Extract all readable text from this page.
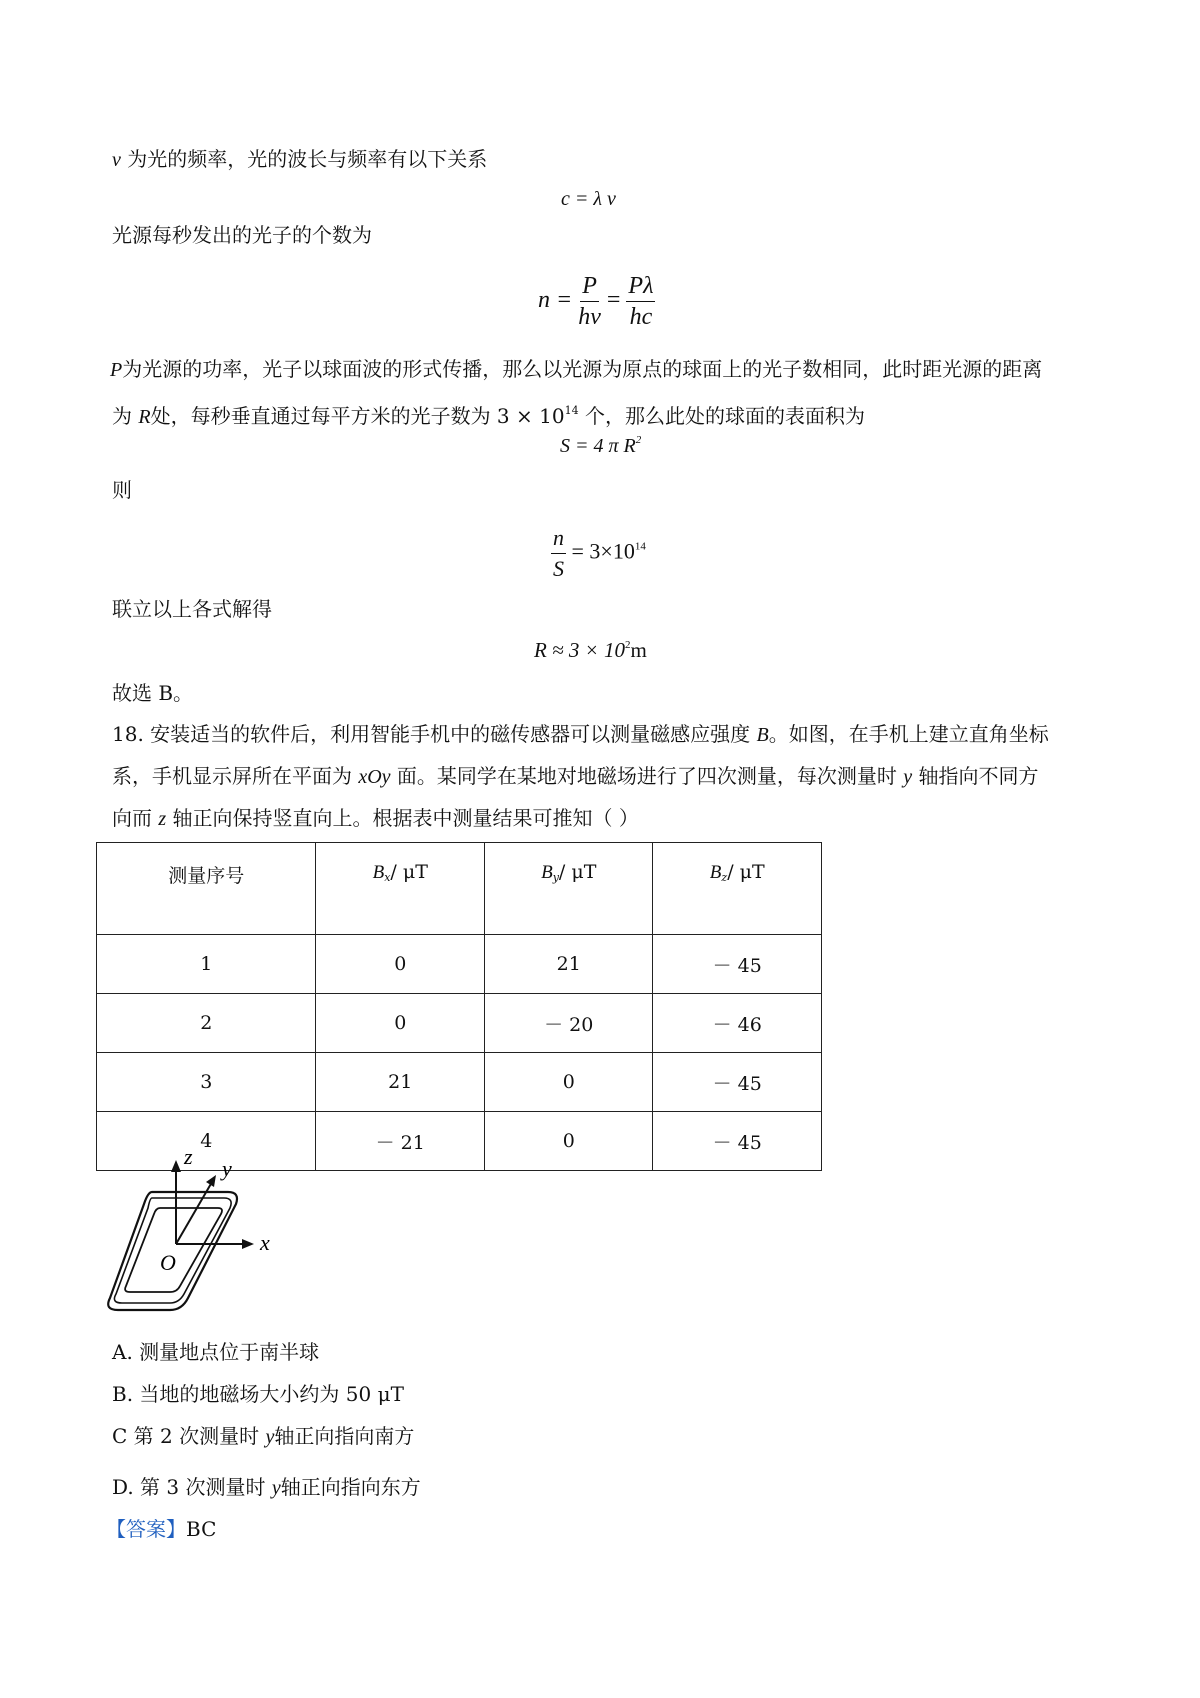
ν 为光的频率，光的波长与频率有以下关系
c = λ ν
光源每秒发出的光子的个数为
$n = \frac{P}{h\nu} = \frac{P\lambda}{hc}$
P为光源的功率，光子以球面波的形式传播，那么以光源为原点的球面上的光子数相同，此时距光源的距离
为 R处，每秒垂直通过每平方米的光子数为 $3 \times 10^{14}$ 个，那么此处的球面的表面积为
S = 4 π $R^2$
则
$\frac{n}{S} = 3\times 10^{14}$
联立以上各式解得
$R \approx 3 \times 10^2m$
故选 B。
18. 安装适当的软件后，利用智能手机中的磁传感器可以测量磁感应强度 B。如图，在手机上建立直角坐标
系，手机显示屏所在平面为 xOy 面。某同学在某地对地磁场进行了四次测量，每次测量时 y 轴指向不同方
向而 z 轴正向保持竖直向上。根据表中测量结果可推知（ ）
测量序号	$B_x/$ μT	$B_y/$ μT	$B_z/$ μT
1	0	21	－ 45
2	0	－ 20	－ 46
3	21	0	－ 45
4	－ 21	0	－ 45
z y
x
O
A. 测量地点位于南半球
B. 当地的地磁场大小约为 50 μT
C 第 2 次测量时 y轴正向指向南方
D. 第 3 次测量时 y轴正向指向东方
【答案】BC
